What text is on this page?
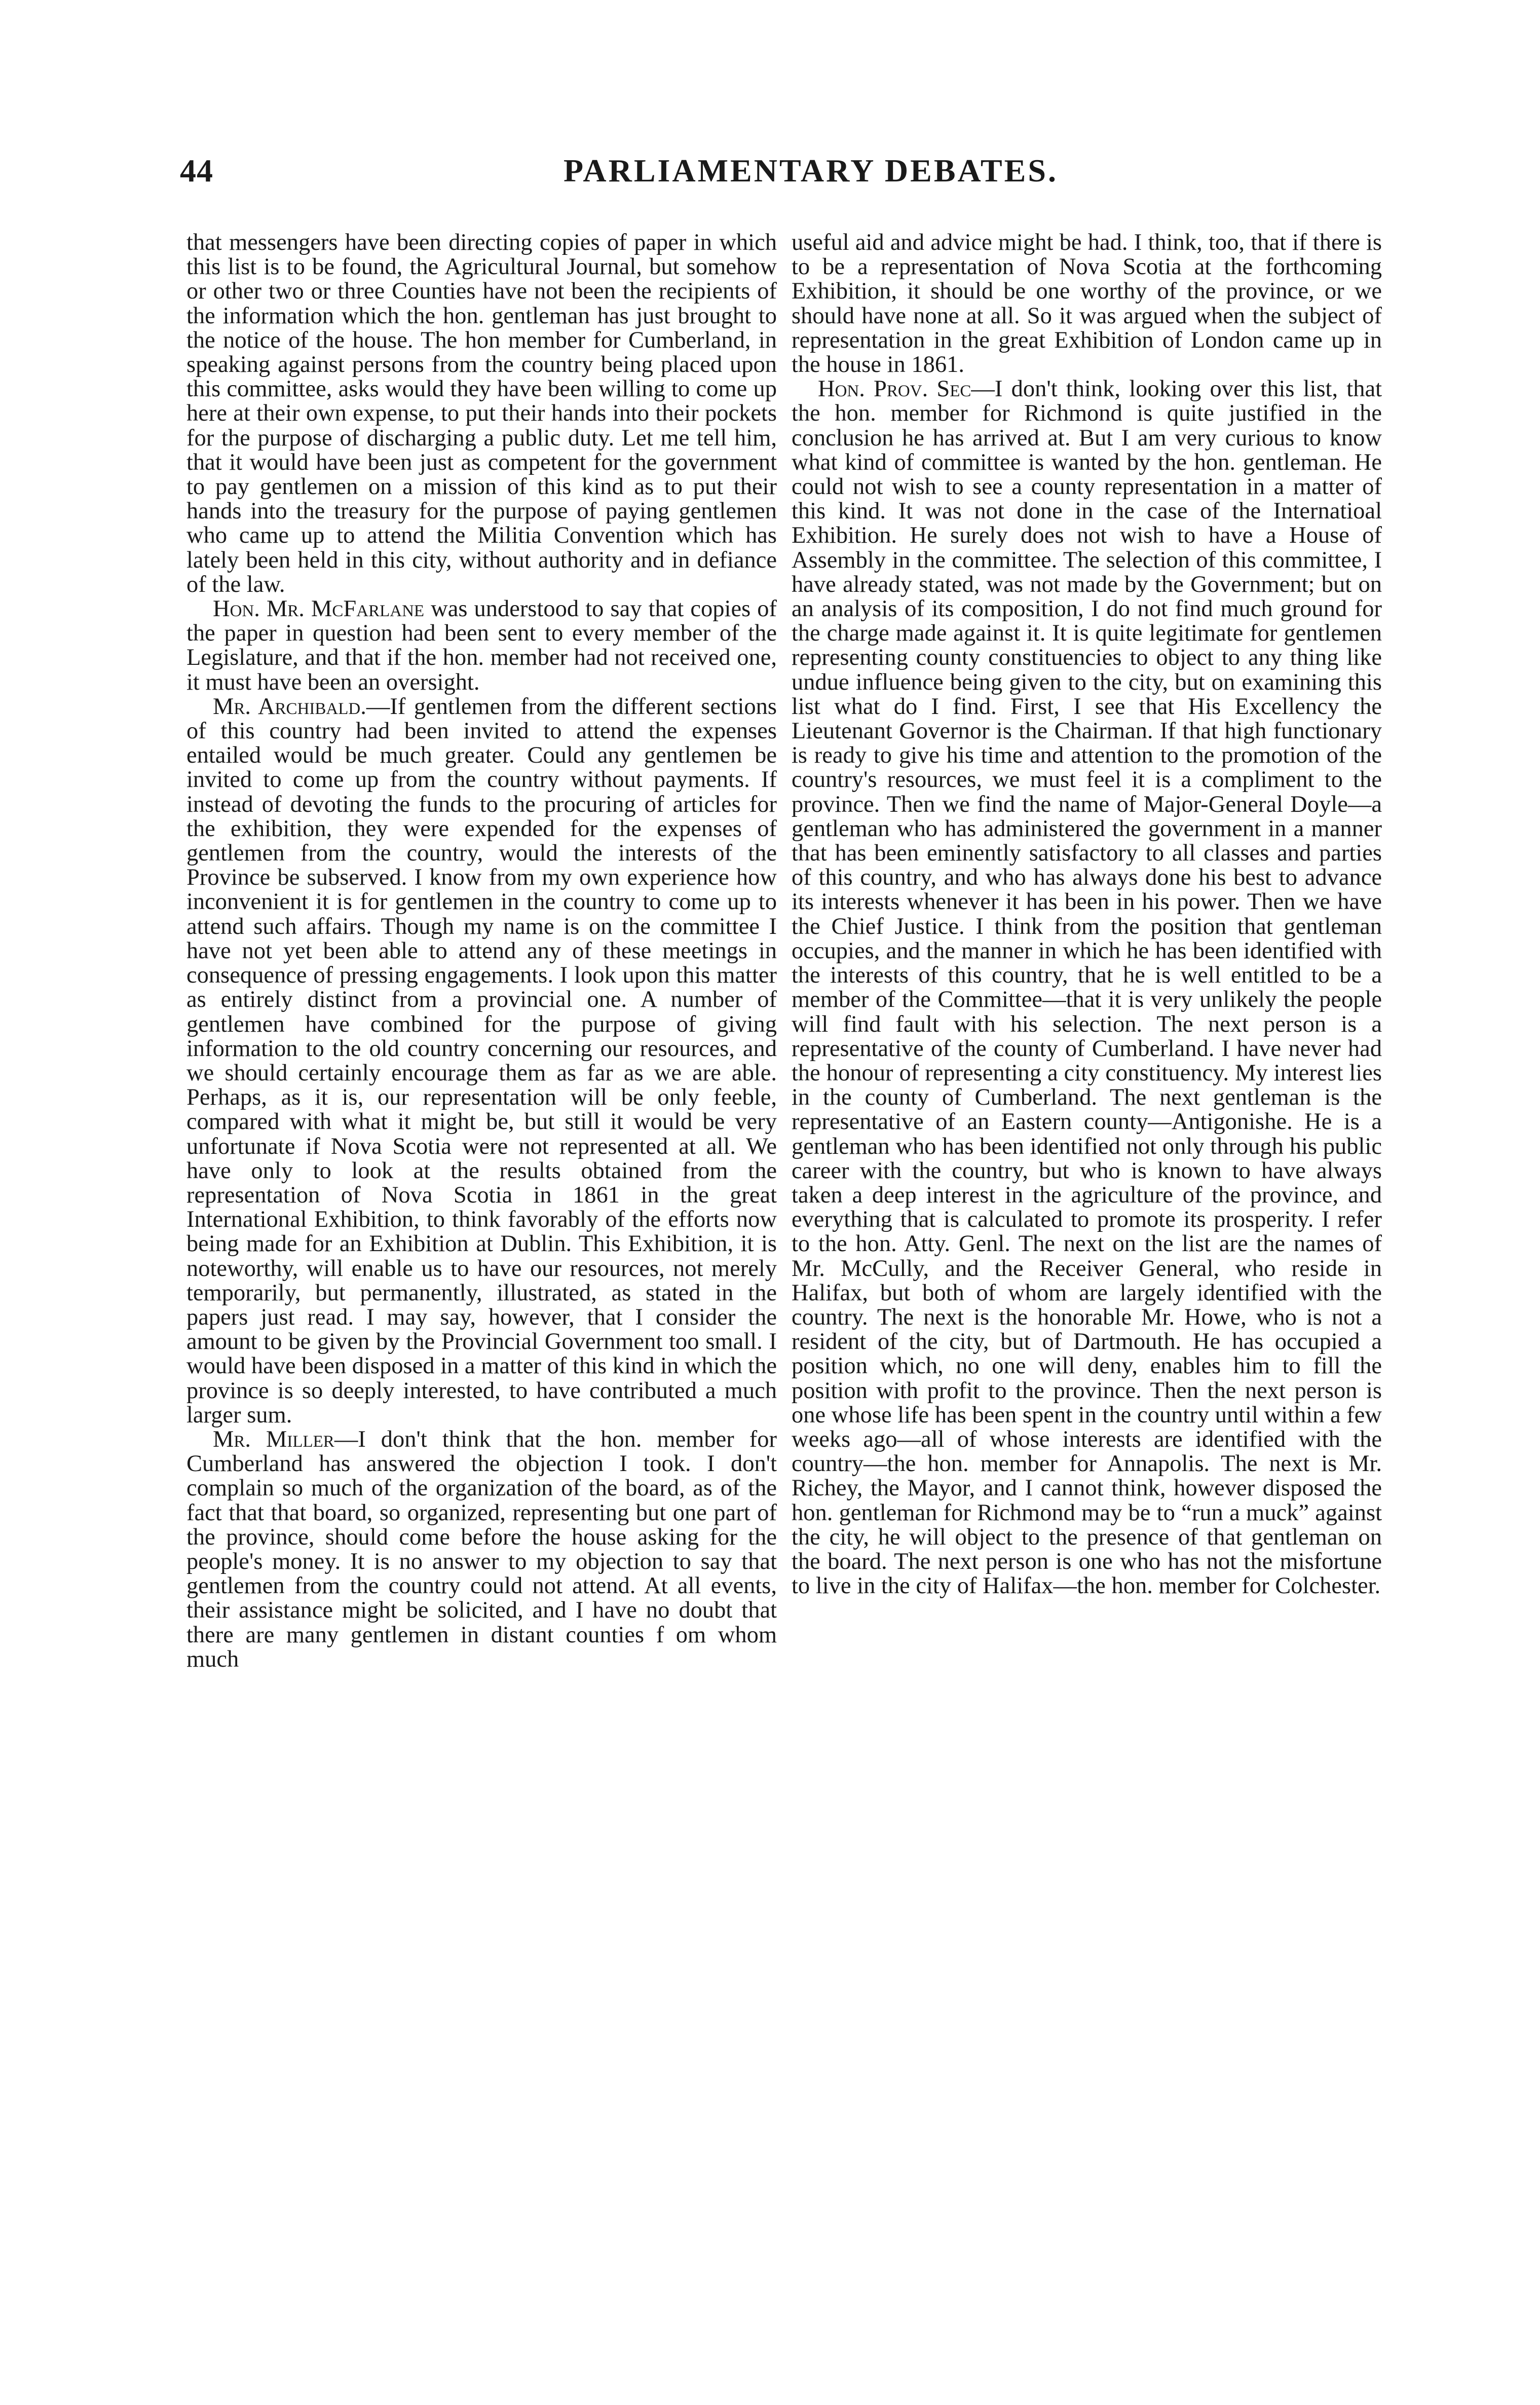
44	PARLIAMENTARY DEBATES.

that messengers have been directing copies of paper in which this list is to be found, the Agricultural Journal, but somehow or other two or three Counties have not been the recipients of the information which the hon. gentleman has just brought to the notice of the house. The hon member for Cumberland, in speaking against persons from the country being placed upon this committee, asks would they have been willing to come up here at their own expense, to put their hands into their pockets for the purpose of discharging a public duty. Let me tell him, that it would have been just as competent for the government to pay gentlemen on a mission of this kind as to put their hands into the treasury for the purpose of paying gentlemen who came up to attend the Militia Convention which has lately been held in this city, without authority and in defiance of the law.

Hon. Mr. McFarlane was understood to say that copies of the paper in question had been sent to every member of the Legislature, and that if the hon. member had not received one, it must have been an oversight.

Mr. Archibald.—If gentlemen from the different sections of this country had been invited to attend the expenses entailed would be much greater. Could any gentlemen be invited to come up from the country without payments. If instead of devoting the funds to the procuring of articles for the exhibition, they were expended for the expenses of gentlemen from the country, would the interests of the Province be subserved. I know from my own experience how inconvenient it is for gentlemen in the country to come up to attend such affairs. Though my name is on the committee I have not yet been able to attend any of these meetings in consequence of pressing engagements. I look upon this matter as entirely distinct from a provincial one. A number of gentlemen have combined for the purpose of giving information to the old country concerning our resources, and we should certainly encourage them as far as we are able. Perhaps, as it is, our representation will be only feeble, compared with what it might be, but still it would be very unfortunate if Nova Scotia were not represented at all. We have only to look at the results obtained from the representation of Nova Scotia in 1861 in the great International Exhibition, to think favorably of the efforts now being made for an Exhibition at Dublin. This Exhibition, it is noteworthy, will enable us to have our resources, not merely temporarily, but permanently, illustrated, as stated in the papers just read. I may say, however, that I consider the amount to be given by the Provincial Government too small. I would have been disposed in a matter of this kind in which the province is so deeply interested, to have contributed a much larger sum.

Mr. Miller—I don't think that the hon. member for Cumberland has answered the objection I took. I don't complain so much of the organization of the board, as of the fact that that board, so organized, representing but one part of the province, should come before the house asking for the people's money. It is no answer to my objection to say that gentlemen from the country could not attend. At all events, their assistance might be solicited, and I have no doubt that there are many gentlemen in distant counties f om whom much

useful aid and advice might be had. I think, too, that if there is to be a representation of Nova Scotia at the forthcoming Exhibition, it should be one worthy of the province, or we should have none at all. So it was argued when the subject of representation in the great Exhibition of London came up in the house in 1861.

Hon. Prov. Sec—I don't think, looking over this list, that the hon. member for Richmond is quite justified in the conclusion he has arrived at. But I am very curious to know what kind of committee is wanted by the hon. gentleman. He could not wish to see a county representation in a matter of this kind. It was not done in the case of the Internatioal Exhibition. He surely does not wish to have a House of Assembly in the committee. The selection of this committee, I have already stated, was not made by the Government; but on an analysis of its composition, I do not find much ground for the charge made against it. It is quite legitimate for gentlemen representing county constituencies to object to any thing like undue influence being given to the city, but on examining this list what do I find. First, I see that His Excellency the Lieutenant Governor is the Chairman. If that high functionary is ready to give his time and attention to the promotion of the country's resources, we must feel it is a compliment to the province. Then we find the name of Major-General Doyle—a gentleman who has administered the government in a manner that has been eminently satisfactory to all classes and parties of this country, and who has always done his best to advance its interests whenever it has been in his power. Then we have the Chief Justice. I think from the position that gentleman occupies, and the manner in which he has been identified with the interests of this country, that he is well entitled to be a member of the Committee—that it is very unlikely the people will find fault with his selection. The next person is a representative of the county of Cumberland. I have never had the honour of representing a city constituency. My interest lies in the county of Cumberland. The next gentleman is the representative of an Eastern county—Antigonishe. He is a gentleman who has been identified not only through his public career with the country, but who is known to have always taken a deep interest in the agriculture of the province, and everything that is calculated to promote its prosperity. I refer to the hon. Atty. Genl. The next on the list are the names of Mr. McCully, and the Receiver General, who reside in Halifax, but both of whom are largely identified with the country. The next is the honorable Mr. Howe, who is not a resident of the city, but of Dartmouth. He has occupied a position which, no one will deny, enables him to fill the position with profit to the province. Then the next person is one whose life has been spent in the country until within a few weeks ago—all of whose interests are identified with the country—the hon. member for Annapolis. The next is Mr. Richey, the Mayor, and I cannot think, however disposed the hon. gentleman for Richmond may be to “run a muck” against the city, he will object to the presence of that gentleman on the board. The next person is one who has not the misfortune to live in the city of Halifax—the hon. member for Colchester.
